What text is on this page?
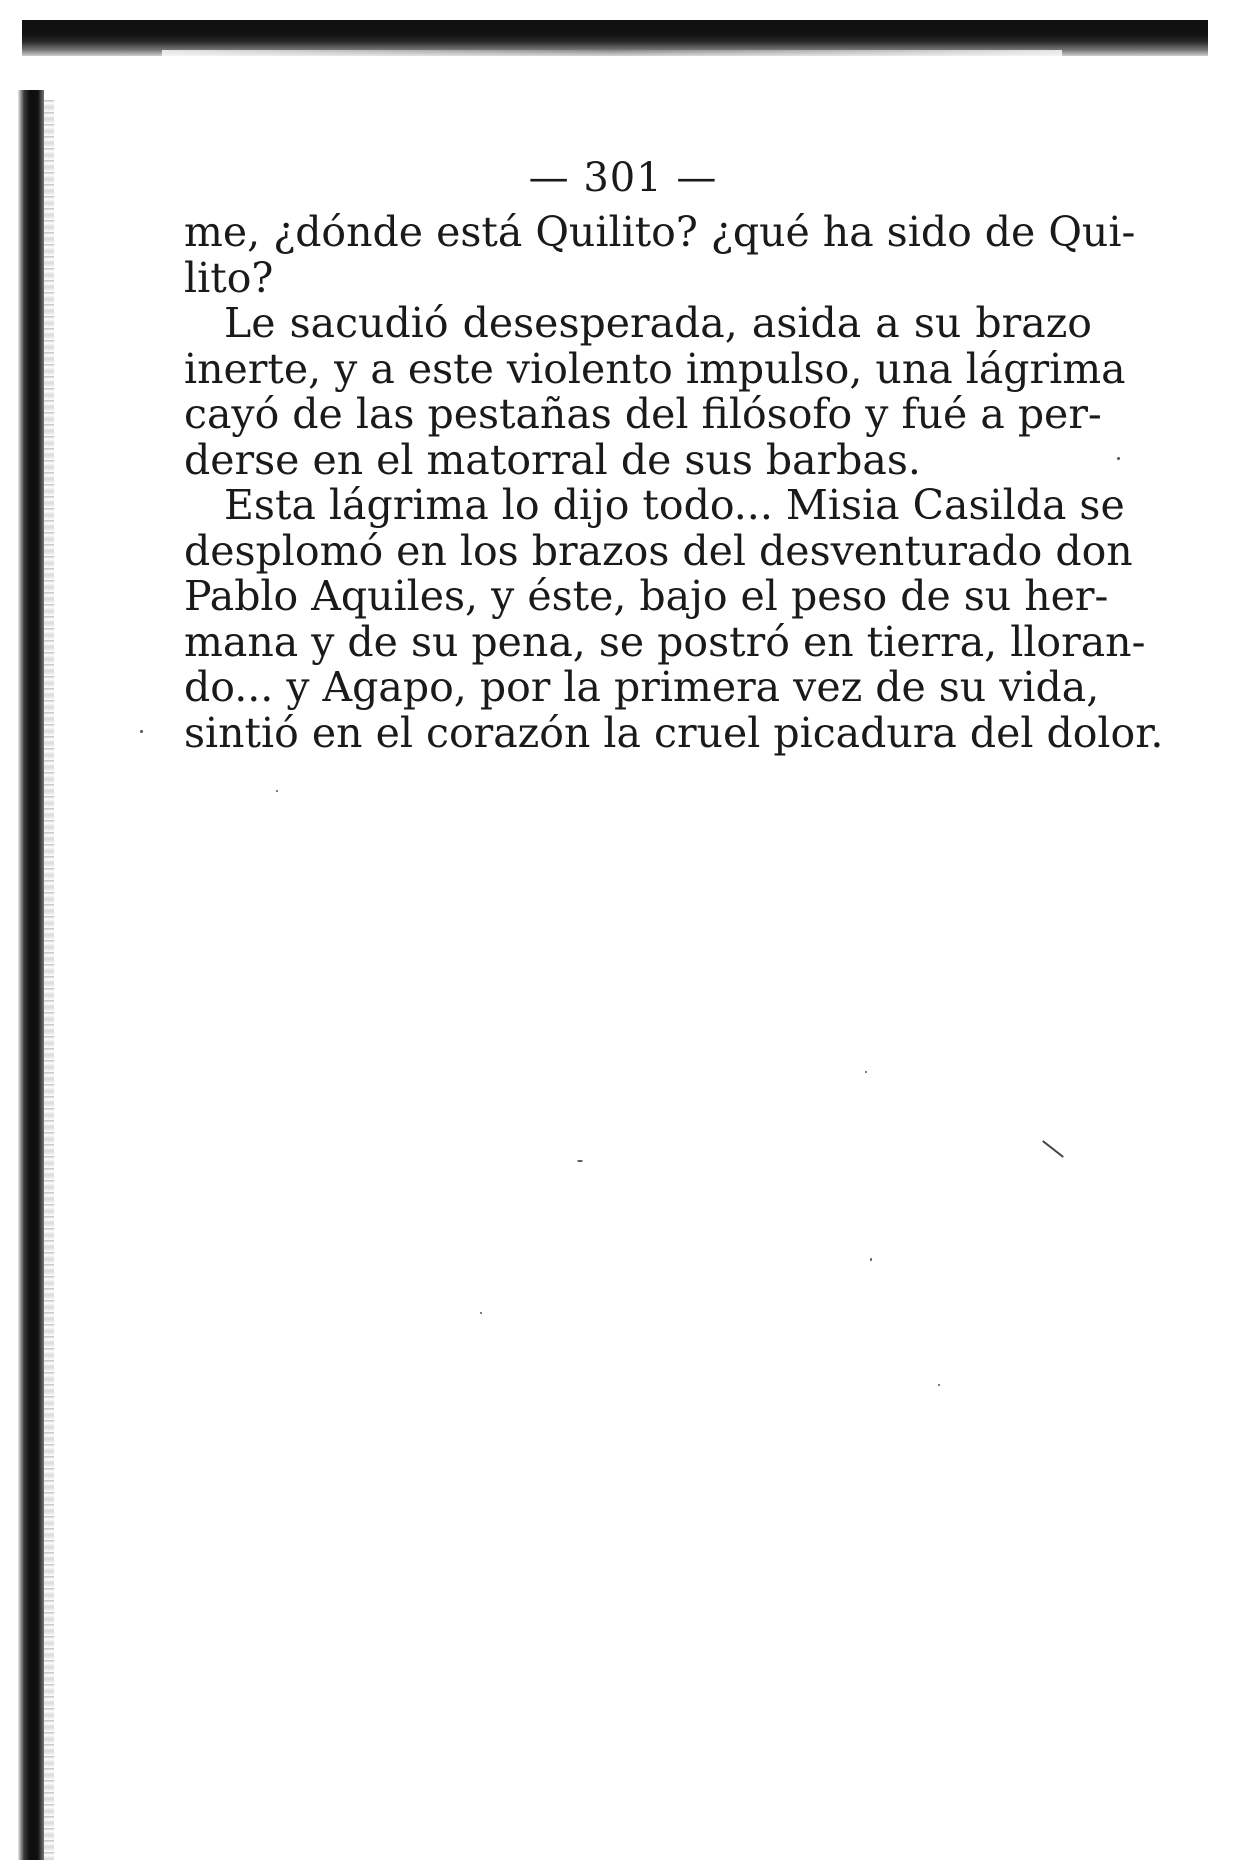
— 301 —
me, ¿dónde está Quilito? ¿qué ha sido de Qui-
lito?
Le sacudió desesperada, asida a su brazo
inerte, y a este violento impulso, una lágrima
cayó de las pestañas del filósofo y fué a per-
derse en el matorral de sus barbas.
Esta lágrima lo dijo todo... Misia Casilda se
desplomó en los brazos del desventurado don
Pablo Aquiles, y éste, bajo el peso de su her-
mana y de su pena, se postró en tierra, lloran-
do... y Agapo, por la primera vez de su vida,
sintió en el corazón la cruel picadura del dolor.
